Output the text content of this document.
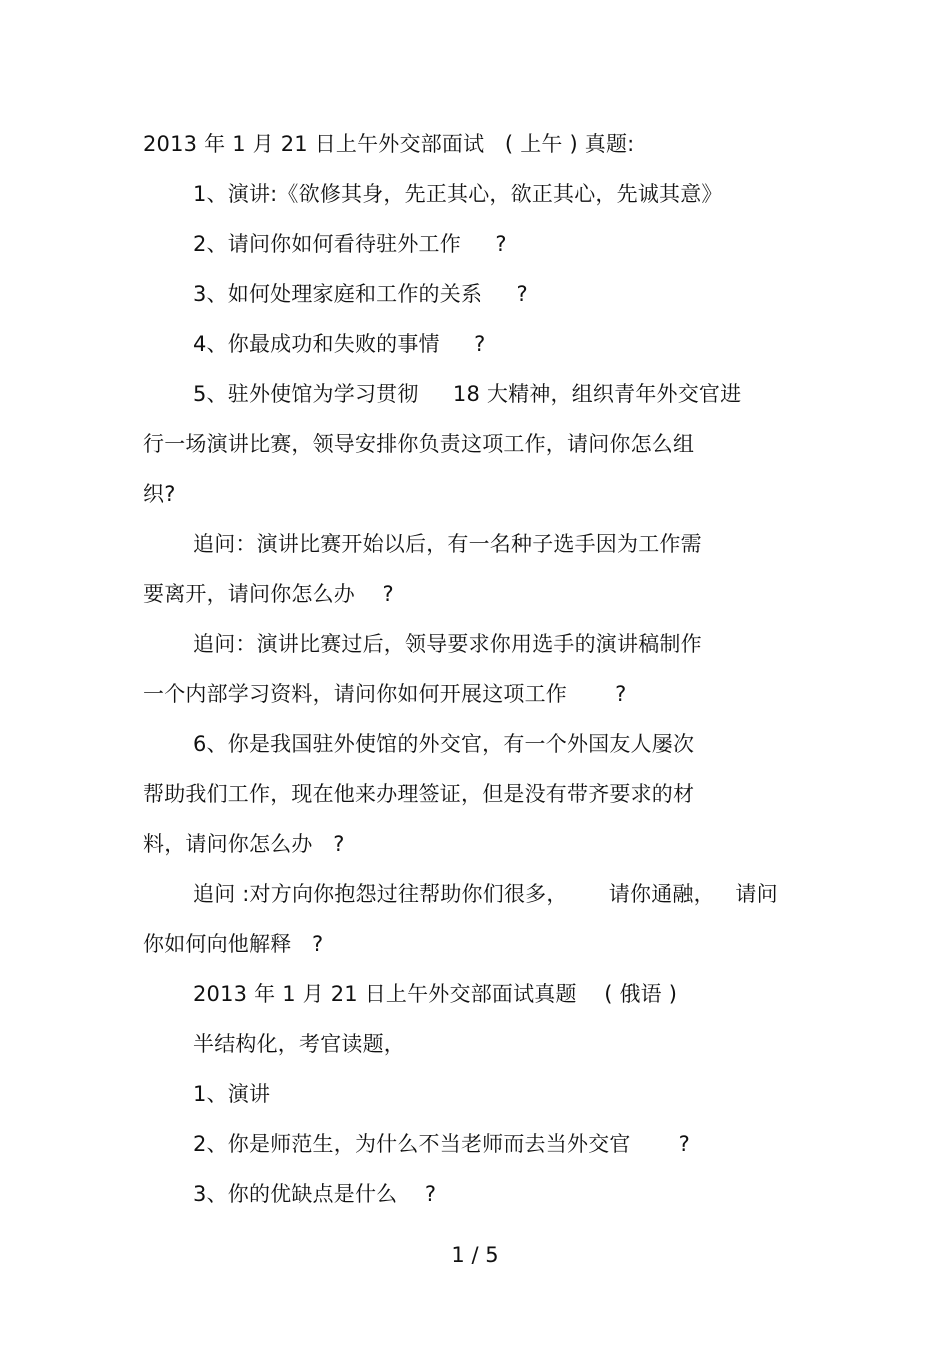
2013 年 1 月 21 日上午外交部面试   ( 上午 ) 真题:
1、演讲:《欲修其身，先正其心，欲正其心，先诚其意》
2、请问你如何看待驻外工作     ?
3、如何处理家庭和工作的关系     ?
4、你最成功和失败的事情     ?
5、驻外使馆为学习贯彻     18 大精神，组织青年外交官进
行一场演讲比赛，领导安排你负责这项工作，请问你怎么组
织?
追问：演讲比赛开始以后，有一名种子选手因为工作需
要离开，请问你怎么办    ?
追问：演讲比赛过后，领导要求你用选手的演讲稿制作
一个内部学习资料，请问你如何开展这项工作       ?
6、你是我国驻外使馆的外交官，有一个外国友人屡次
帮助我们工作，现在他来办理签证，但是没有带齐要求的材
料，请问你怎么办   ?
追问 :对方向你抱怨过往帮助你们很多，      请你通融，   请问
你如何向他解释   ?
2013 年 1 月 21 日上午外交部面试真题    ( 俄语 )
半结构化，考官读题，
1、演讲
2、你是师范生，为什么不当老师而去当外交官       ?
3、你的优缺点是什么    ?
1 / 5
